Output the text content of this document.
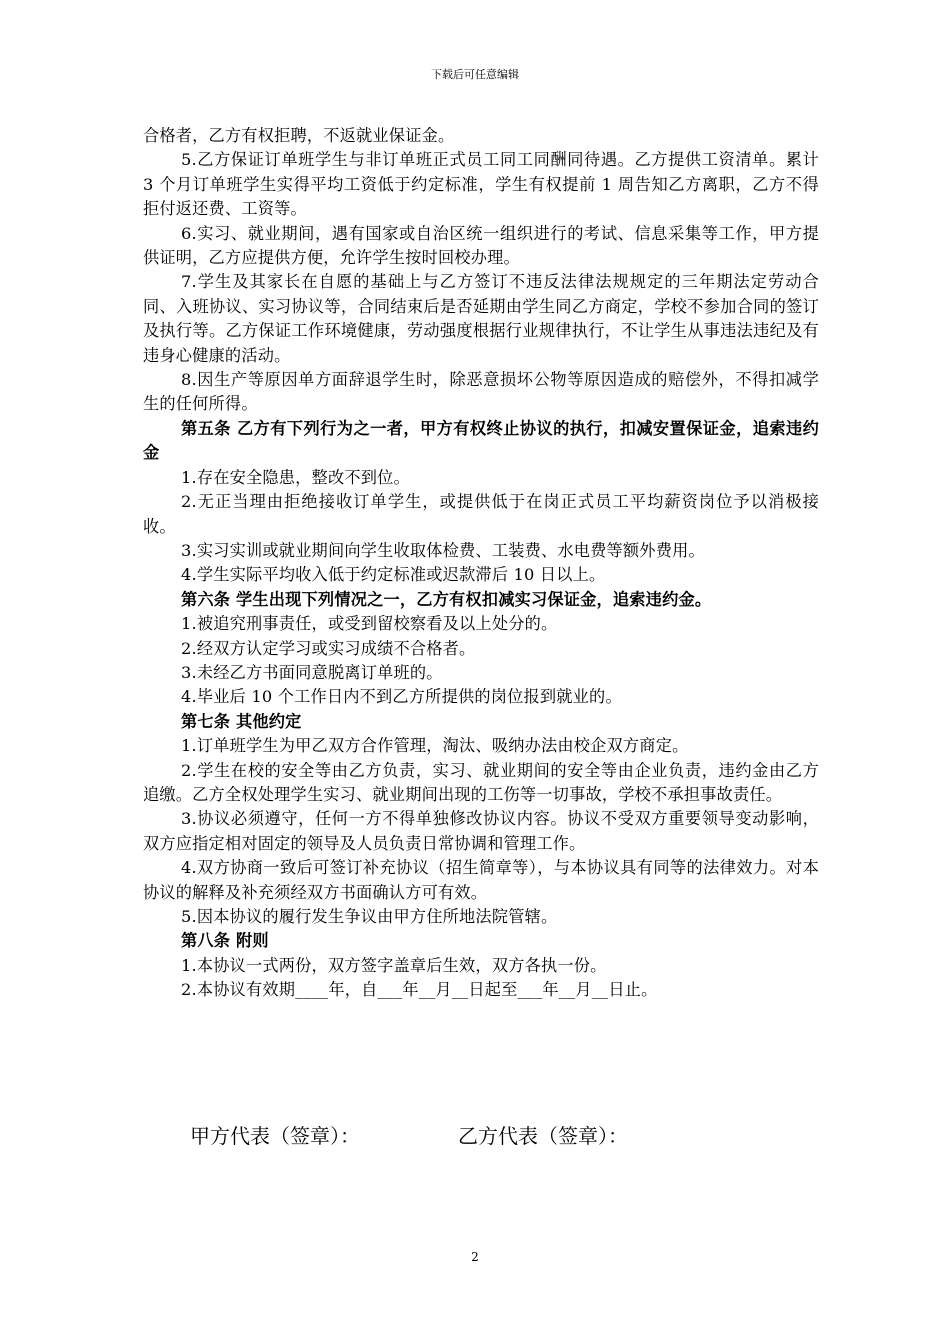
下载后可任意编辑

合格者，乙方有权拒聘，不返就业保证金。

5.乙方保证订单班学生与非订单班正式员工同工同酬同待遇。乙方提供工资清单。累计 3 个月订单班学生实得平均工资低于约定标准，学生有权提前 1 周告知乙方离职，乙方不得拒付返还费、工资等。

6.实习、就业期间，遇有国家或自治区统一组织进行的考试、信息采集等工作，甲方提供证明，乙方应提供方便，允许学生按时回校办理。

7.学生及其家长在自愿的基础上与乙方签订不违反法律法规规定的三年期法定劳动合同、入班协议、实习协议等，合同结束后是否延期由学生同乙方商定，学校不参加合同的签订及执行等。乙方保证工作环境健康，劳动强度根据行业规律执行，不让学生从事违法违纪及有违身心健康的活动。

8.因生产等原因单方面辞退学生时，除恶意损坏公物等原因造成的赔偿外，不得扣减学生的任何所得。

第五条 乙方有下列行为之一者，甲方有权终止协议的执行，扣减安置保证金，追索违约金

1.存在安全隐患，整改不到位。

2.无正当理由拒绝接收订单学生，或提供低于在岗正式员工平均薪资岗位予以消极接收。

3.实习实训或就业期间向学生收取体检费、工装费、水电费等额外费用。

4.学生实际平均收入低于约定标准或迟款滞后 10 日以上。

第六条 学生出现下列情况之一，乙方有权扣减实习保证金，追索违约金。

1.被追究刑事责任，或受到留校察看及以上处分的。

2.经双方认定学习或实习成绩不合格者。

3.未经乙方书面同意脱离订单班的。

4.毕业后 10 个工作日内不到乙方所提供的岗位报到就业的。

第七条 其他约定

1.订单班学生为甲乙双方合作管理，淘汰、吸纳办法由校企双方商定。

2.学生在校的安全等由乙方负责，实习、就业期间的安全等由企业负责，违约金由乙方追缴。乙方全权处理学生实习、就业期间出现的工伤等一切事故，学校不承担事故责任。

3.协议必须遵守，任何一方不得单独修改协议内容。协议不受双方重要领导变动影响，双方应指定相对固定的领导及人员负责日常协调和管理工作。

4.双方协商一致后可签订补充协议（招生简章等），与本协议具有同等的法律效力。对本协议的解释及补充须经双方书面确认方可有效。

5.因本协议的履行发生争议由甲方住所地法院管辖。

第八条 附则

1.本协议一式两份，双方签字盖章后生效，双方各执一份。

2.本协议有效期____年，自___年__月__日起至___年__月__日止。

甲方代表（签章）：	乙方代表（签章）：
2
